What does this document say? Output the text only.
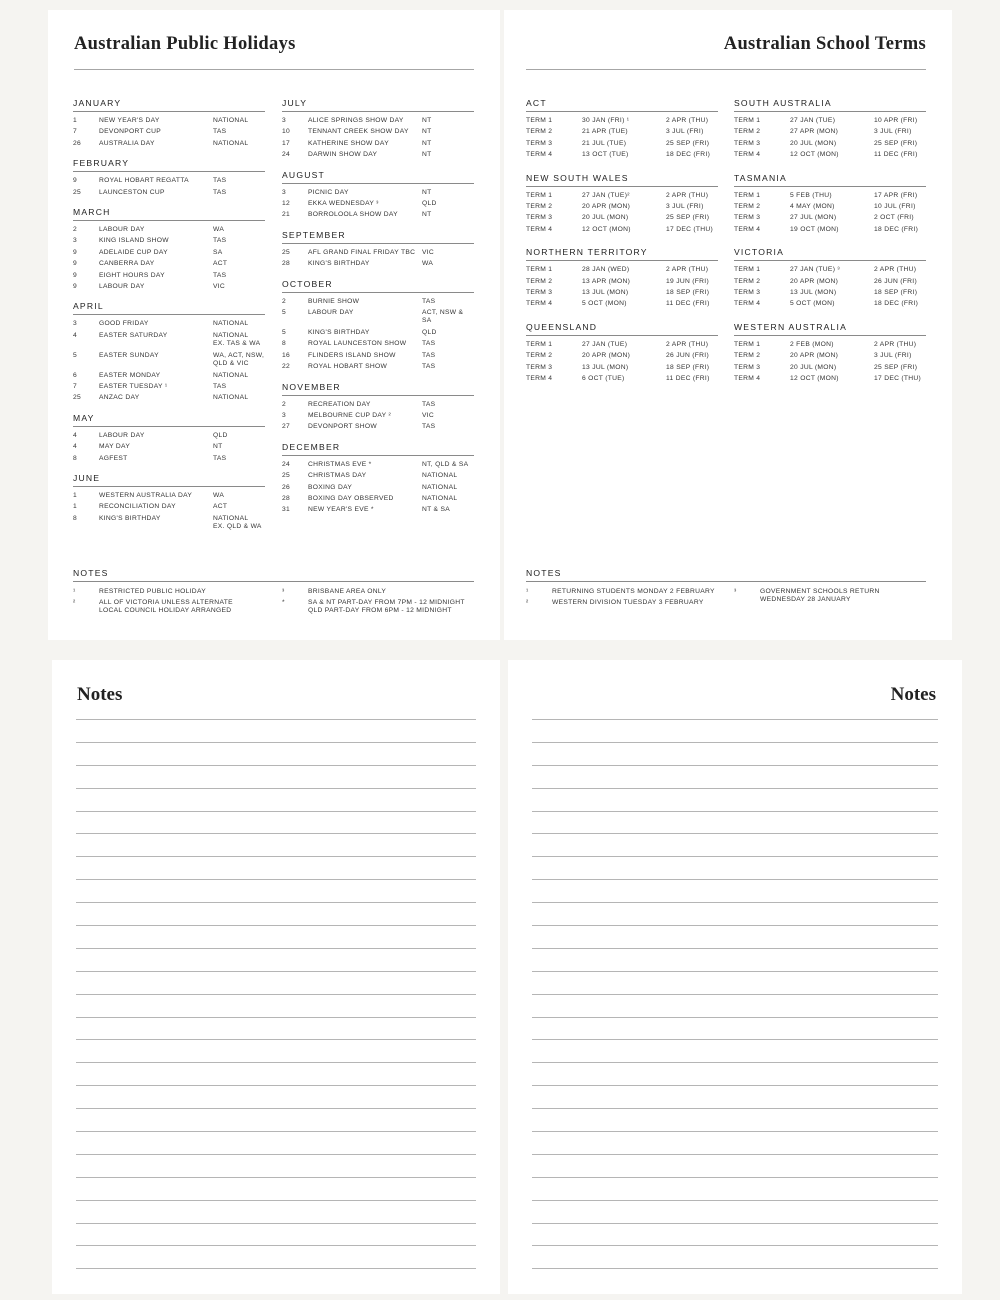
Australian Public Holidays
JANUARY
1	NEW YEAR'S DAY	NATIONAL
7	DEVONPORT CUP	TAS
26	AUSTRALIA DAY	NATIONAL
FEBRUARY
9	ROYAL HOBART REGATTA	TAS
25	LAUNCESTON CUP	TAS
MARCH
2	LABOUR DAY	WA
3	KING ISLAND SHOW	TAS
9	ADELAIDE CUP DAY	SA
9	CANBERRA DAY	ACT
9	EIGHT HOURS DAY	TAS
9	LABOUR DAY	VIC
APRIL
3	GOOD FRIDAY	NATIONAL
4	EASTER SATURDAY	NATIONAL
EX. TAS & WA
5	EASTER SUNDAY	WA, ACT, NSW,
QLD & VIC
6	EASTER MONDAY	NATIONAL
7	EASTER TUESDAY ¹	TAS
25	ANZAC DAY	NATIONAL
MAY
4	LABOUR DAY	QLD
4	MAY DAY	NT
8	AGFEST	TAS
JUNE
1	WESTERN AUSTRALIA DAY	WA
1	RECONCILIATION DAY	ACT
8	KING'S BIRTHDAY	NATIONAL
EX. QLD & WA
JULY
3	ALICE SPRINGS SHOW DAY	NT
10	TENNANT CREEK SHOW DAY	NT
17	KATHERINE SHOW DAY	NT
24	DARWIN SHOW DAY	NT
AUGUST
3	PICNIC DAY	NT
12	EKKA WEDNESDAY ³	QLD
21	BORROLOOLA SHOW DAY	NT
SEPTEMBER
25	AFL GRAND FINAL FRIDAY TBC	VIC
28	KING'S BIRTHDAY	WA
OCTOBER
2	BURNIE SHOW	TAS
5	LABOUR DAY	ACT, NSW & SA
5	KING'S BIRTHDAY	QLD
8	ROYAL LAUNCESTON SHOW	TAS
16	FLINDERS ISLAND SHOW	TAS
22	ROYAL HOBART SHOW	TAS
NOVEMBER
2	RECREATION DAY	TAS
3	MELBOURNE CUP DAY ²	VIC
27	DEVONPORT SHOW	TAS
DECEMBER
24	CHRISTMAS EVE *	NT, QLD & SA
25	CHRISTMAS DAY	NATIONAL
26	BOXING DAY	NATIONAL
28	BOXING DAY OBSERVED	NATIONAL
31	NEW YEAR'S EVE *	NT & SA
NOTES
¹	RESTRICTED PUBLIC HOLIDAY
²	ALL OF VICTORIA UNLESS ALTERNATE
LOCAL COUNCIL HOLIDAY ARRANGED
³	BRISBANE AREA ONLY
*	SA & NT PART-DAY FROM 7PM - 12 MIDNIGHT
QLD PART-DAY FROM 6PM - 12 MIDNIGHT
Australian School Terms
ACT
TERM 1	30 JAN (FRI) ¹	2 APR (THU)
TERM 2	21 APR (TUE)	3 JUL (FRI)
TERM 3	21 JUL (TUE)	25 SEP (FRI)
TERM 4	13 OCT (TUE)	18 DEC (FRI)
NEW SOUTH WALES
TERM 1	27 JAN (TUE)²	2 APR (THU)
TERM 2	20 APR (MON)	3 JUL (FRI)
TERM 3	20 JUL (MON)	25 SEP (FRI)
TERM 4	12 OCT (MON)	17 DEC (THU)
NORTHERN TERRITORY
TERM 1	28 JAN (WED)	2 APR (THU)
TERM 2	13 APR (MON)	19 JUN (FRI)
TERM 3	13 JUL (MON)	18 SEP (FRI)
TERM 4	5 OCT (MON)	11 DEC (FRI)
QUEENSLAND
TERM 1	27 JAN (TUE)	2 APR (THU)
TERM 2	20 APR (MON)	26 JUN (FRI)
TERM 3	13 JUL (MON)	18 SEP (FRI)
TERM 4	6 OCT (TUE)	11 DEC (FRI)
SOUTH AUSTRALIA
TERM 1	27 JAN (TUE)	10 APR (FRI)
TERM 2	27 APR (MON)	3 JUL (FRI)
TERM 3	20 JUL (MON)	25 SEP (FRI)
TERM 4	12 OCT (MON)	11 DEC (FRI)
TASMANIA
TERM 1	5 FEB (THU)	17 APR (FRI)
TERM 2	4 MAY (MON)	10 JUL (FRI)
TERM 3	27 JUL (MON)	2 OCT (FRI)
TERM 4	19 OCT (MON)	18 DEC (FRI)
VICTORIA
TERM 1	27 JAN (TUE) ³	2 APR (THU)
TERM 2	20 APR (MON)	26 JUN (FRI)
TERM 3	13 JUL (MON)	18 SEP (FRI)
TERM 4	5 OCT (MON)	18 DEC (FRI)
WESTERN AUSTRALIA
TERM 1	2 FEB (MON)	2 APR (THU)
TERM 2	20 APR (MON)	3 JUL (FRI)
TERM 3	20 JUL (MON)	25 SEP (FRI)
TERM 4	12 OCT (MON)	17 DEC (THU)
NOTES
¹	RETURNING STUDENTS MONDAY 2 FEBRUARY
²	WESTERN DIVISION TUESDAY 3 FEBRUARY
³	GOVERNMENT SCHOOLS RETURN
WEDNESDAY 28 JANUARY
Notes	Notes
